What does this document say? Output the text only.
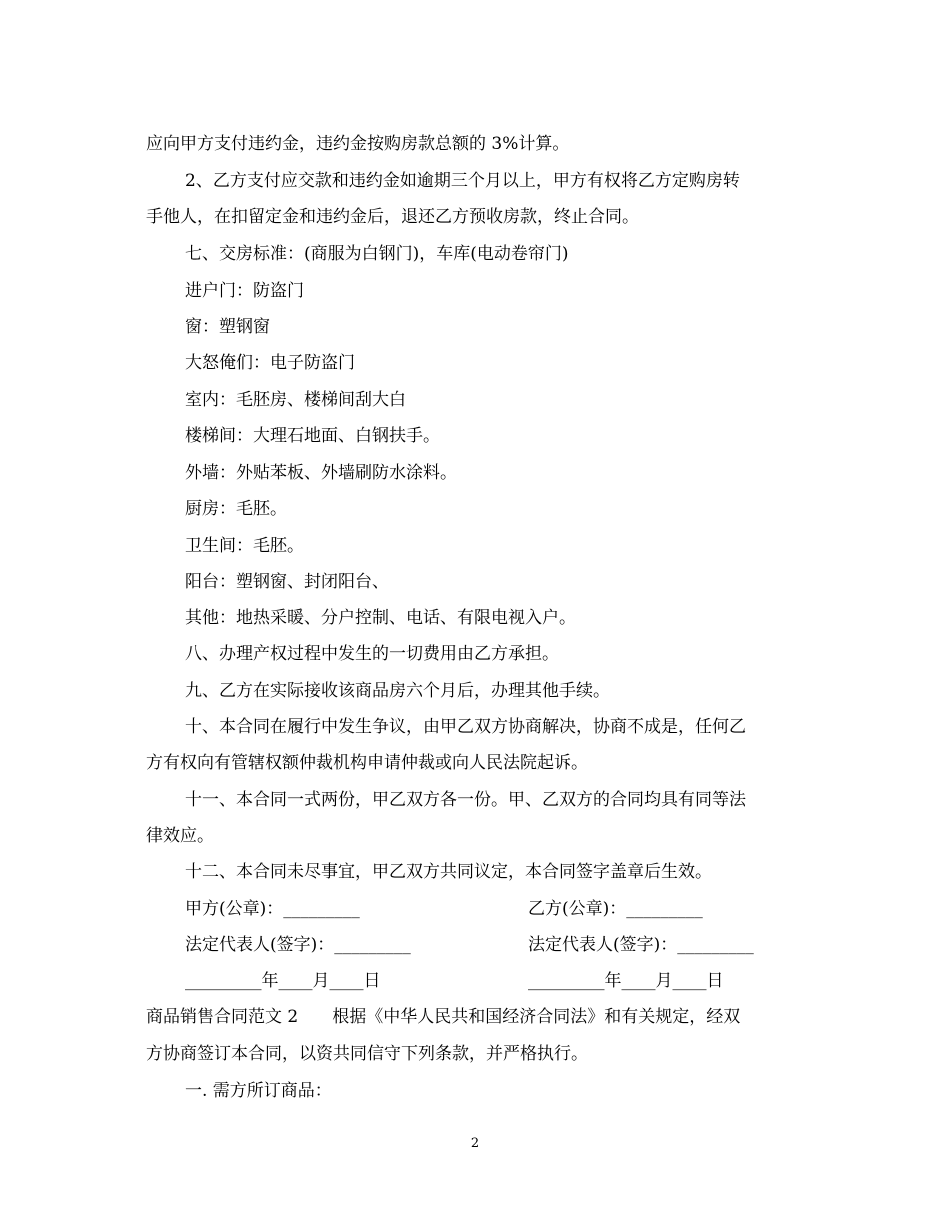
应向甲方支付违约金，违约金按购房款总额的 3%计算。
2、乙方支付应交款和违约金如逾期三个月以上，甲方有权将乙方定购房转
手他人，在扣留定金和违约金后，退还乙方预收房款，终止合同。
七、交房标准：(商服为白钢门)，车库(电动卷帘门)
进户门：防盗门
窗：塑钢窗
大怒俺们：电子防盗门
室内：毛胚房、楼梯间刮大白
楼梯间：大理石地面、白钢扶手。
外墙：外贴苯板、外墙刷防水涂料。
厨房：毛胚。
卫生间：毛胚。
阳台：塑钢窗、封闭阳台、
其他：地热采暖、分户控制、电话、有限电视入户。
八、办理产权过程中发生的一切费用由乙方承担。
九、乙方在实际接收该商品房六个月后，办理其他手续。
十、本合同在履行中发生争议，由甲乙双方协商解决，协商不成是，任何乙
方有权向有管辖权额仲裁机构申请仲裁或向人民法院起诉。
十一、本合同一式两份，甲乙双方各一份。甲、乙双方的合同均具有同等法
律效应。
十二、本合同未尽事宜，甲乙双方共同议定，本合同签字盖章后生效。
甲方(公章)：_________	乙方(公章)：_________
法定代表人(签字)：_________	法定代表人(签字)：_________
_________年____月____日	_________年____月____日
商品销售合同范文 2　　根据《中华人民共和国经济合同法》和有关规定，经双
方协商签订本合同，以资共同信守下列条款，并严格执行。
一. 需方所订商品：
2
